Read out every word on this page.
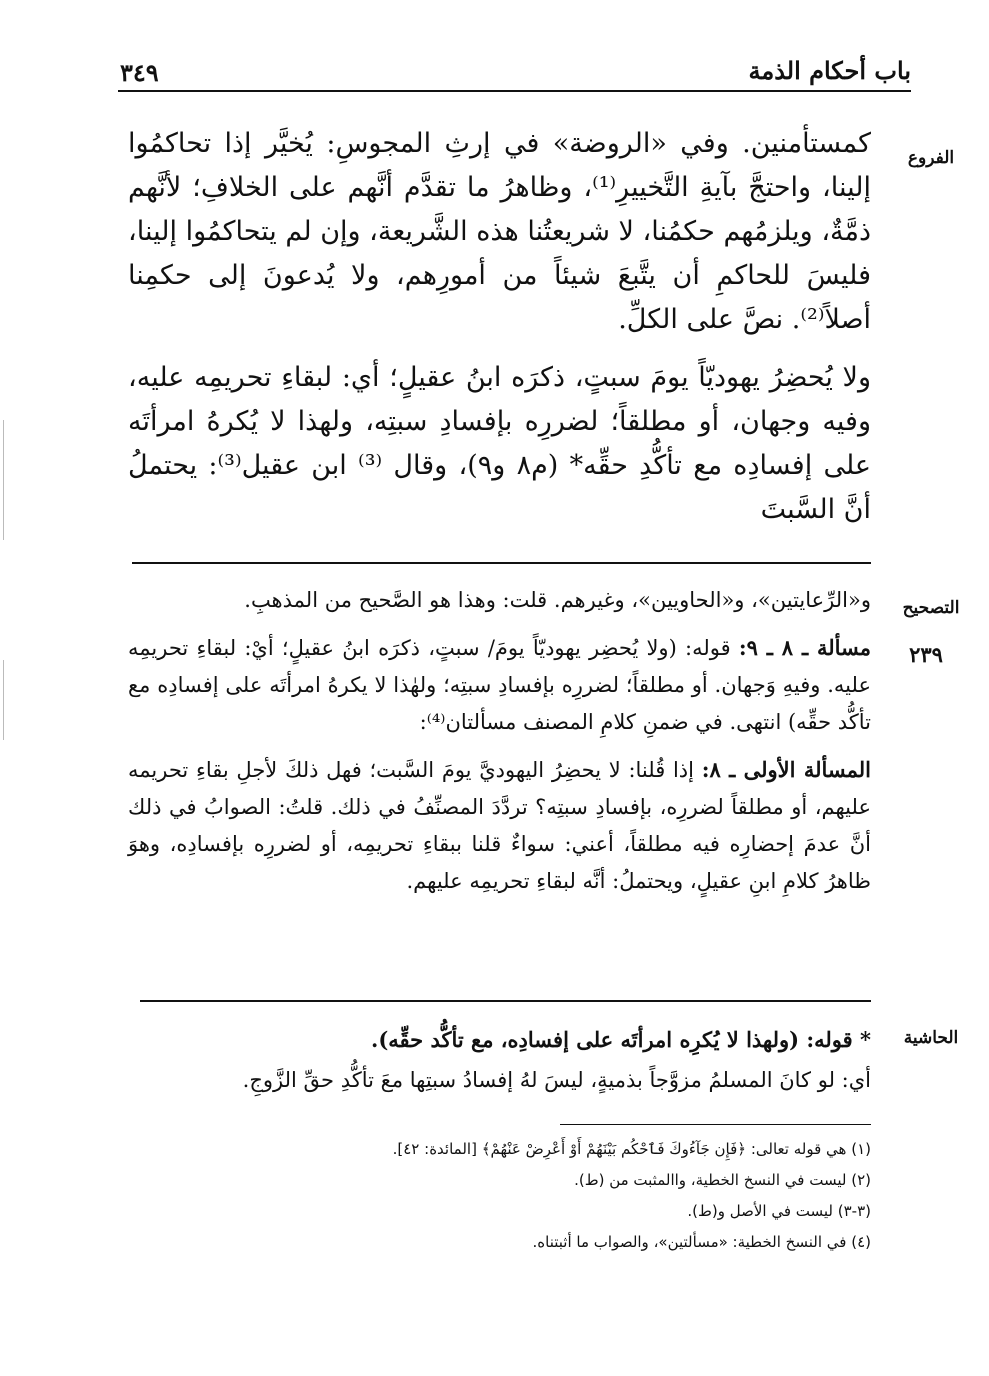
باب أحكام الذمة
٣٤٩
الفروع

كمستأمنين. وفي «الروضة» في إرثِ المجوسِ: يُخيَّر إذا تحاكمُوا إلينا، واحتجَّ بآيةِ التَّخييرِ⁽¹⁾، وظاهرُ ما تقدَّم أنَّهم على الخلافِ؛ لأنَّهم ذمَّةٌ، ويلزمُهم حكمُنا، لا شريعتُنا هذه الشَّريعة، وإن لم يتحاكمُوا إلينا، فليسَ للحاكمِ أن يتَّبعَ شيئاً من أمورِهم، ولا يُدعونَ إلى حكمِنا أصلاً⁽²⁾. نصَّ على الكلِّ.

ولا يُحضِرُ يهوديّاً يومَ سبتٍ، ذكرَه ابنُ عقيلٍ؛ أي: لبقاءِ تحريمِه عليه، وفيه وجهان، أو مطلقاً؛ لضررِه بإفسادِ سبتِه، ولهذا لا يُكرهُ امرأتَه على إفسادِه مع تأكُّدِ حقِّه* (م٨ و٩)، وقال ⁽³⁾ ابن عقيل⁽³⁾: يحتملُ أنَّ السَّبتَ

التصحيح
٢٣٩

و«الرِّعايتين»، و«الحاويين»، وغيرهم. قلت: وهذا هو الصَّحيح من المذهبِ.

مسألة ـ ٨ ـ ٩: قوله: (ولا يُحضِر يهوديّاً يومَ/ سبتٍ، ذكرَه ابنُ عقيلٍ؛ أيْ: لبقاءِ تحريمِه عليه. وفيهِ وَجهان. أو مطلقاً؛ لضررِه بإفسادِ سبتِه؛ ولهٰذا لا يكرهُ امرأتَه على إفسادِه مع تأكُّد حقِّه) انتهى. في ضمنِ كلامِ المصنف مسألتان⁽⁴⁾:

المسألة الأولى ـ ٨: إذا قُلنا: لا يحضِرُ اليهوديَّ يومَ السَّبت؛ فهل ذلكَ لأجلِ بقاءِ تحريمه عليهم، أو مطلقاً لضررِه، بإفسادِ سبتِه؟ تردَّدَ المصنِّفُ في ذلك. قلتُ: الصوابُ في ذلك أنَّ عدمَ إحضارِه فيه مطلقاً، أعني: سواءٌ قلنا ببقاءِ تحريمِه، أو لضررِه بإفسادِه، وهوَ ظاهرُ كلامِ ابنِ عقيلٍ، ويحتملُ: أنَّه لبقاءِ تحريمِه عليهم.

الحاشية

* قوله: (ولهذا لا يُكرِه امرأتَه على إفسادِه، مع تأكُّد حقِّه).

أي: لو كانَ المسلمُ مزوَّجاً بذميةٍ، ليسَ لهُ إفسادُ سبتِها معَ تأكُّدِ حقِّ الزَّوجِ.

(١) هي قوله تعالى: ﴿فَإِن جَآءُوكَ فَٱحْكُم بَيْنَهُمْ أَوْ أَعْرِضْ عَنْهُمْ﴾ [المائدة: ٤٢].

(٢) ليست في النسخ الخطية، واالمثبت من (ط).

(٣-٣) ليست في الأصل و(ط).

(٤) في النسخ الخطية: «مسألتين»، والصواب ما أثبتناه.
